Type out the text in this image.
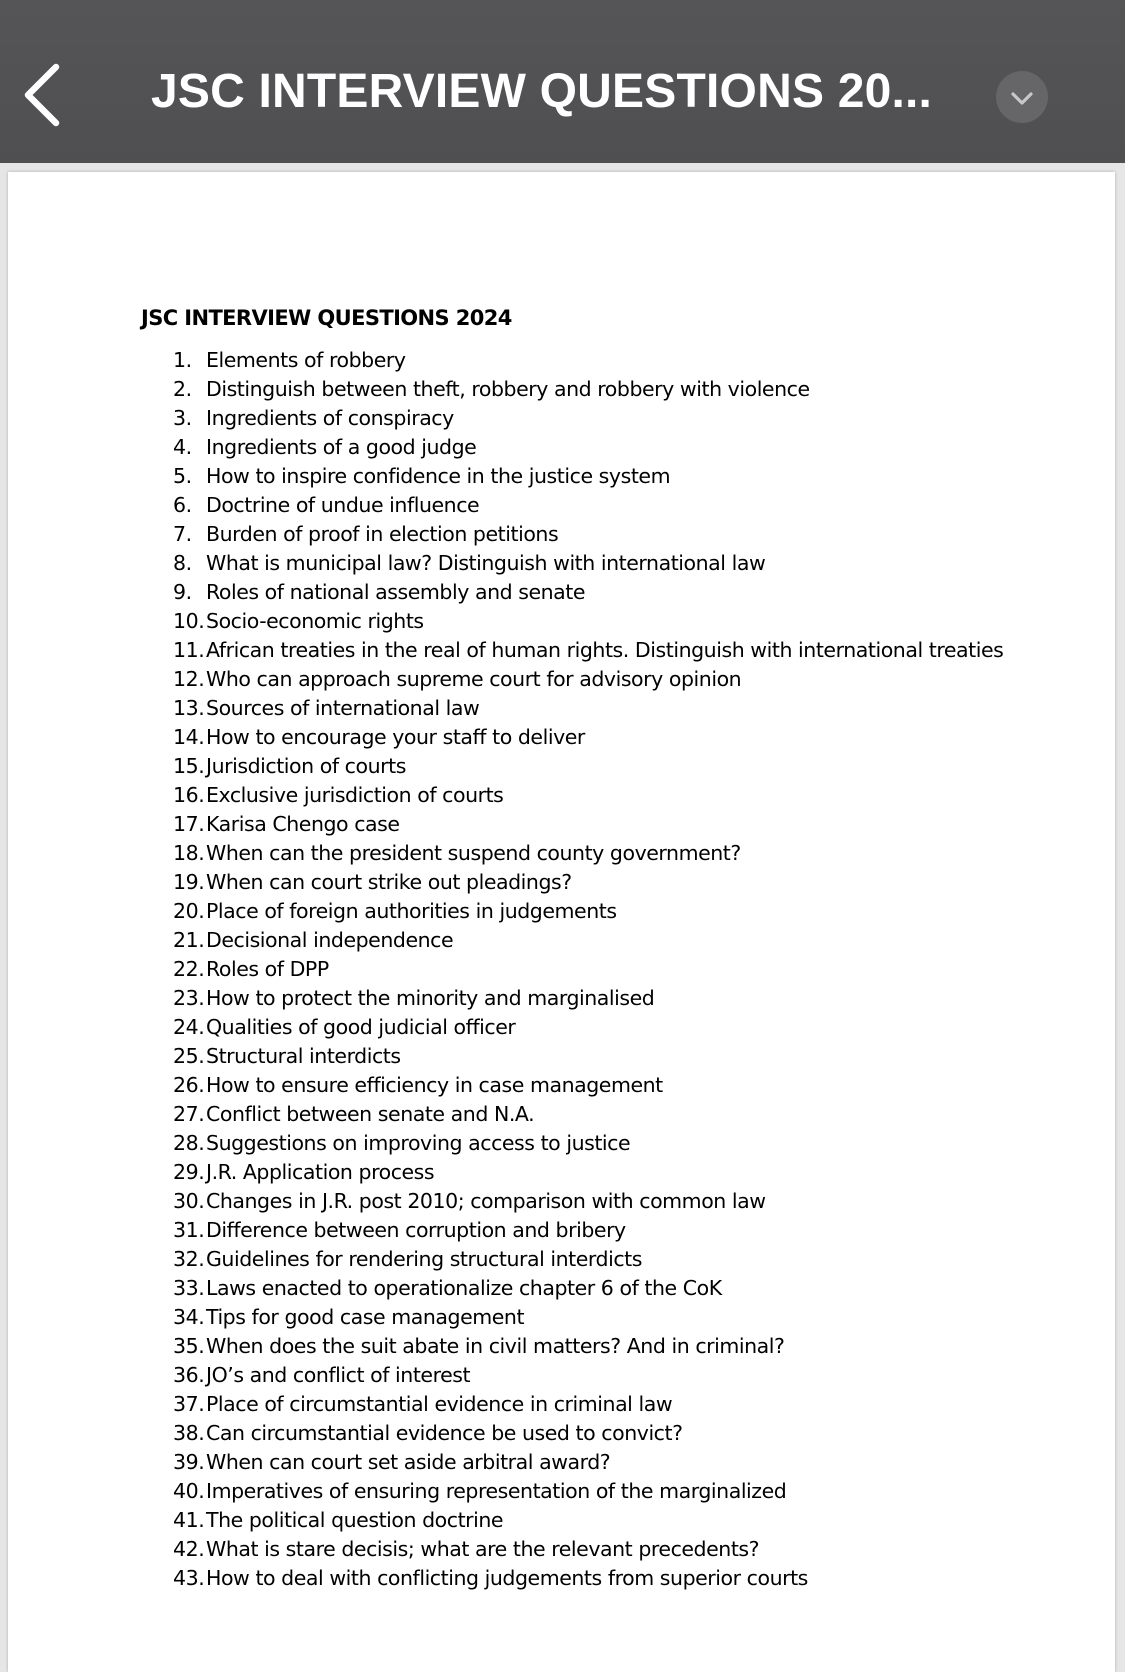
JSC INTERVIEW QUESTIONS 20...
JSC INTERVIEW QUESTIONS 2024
1. Elements of robbery
2. Distinguish between theft, robbery and robbery with violence
3. Ingredients of conspiracy
4. Ingredients of a good judge
5. How to inspire confidence in the justice system
6. Doctrine of undue influence
7. Burden of proof in election petitions
8. What is municipal law? Distinguish with international law
9. Roles of national assembly and senate
10.Socio-economic rights
11.African treaties in the real of human rights. Distinguish with international treaties
12.Who can approach supreme court for advisory opinion
13.Sources of international law
14.How to encourage your staff to deliver
15.Jurisdiction of courts
16.Exclusive jurisdiction of courts
17.Karisa Chengo case
18.When can the president suspend county government?
19.When can court strike out pleadings?
20.Place of foreign authorities in judgements
21.Decisional independence
22.Roles of DPP
23.How to protect the minority and marginalised
24.Qualities of good judicial officer
25.Structural interdicts
26.How to ensure efficiency in case management
27.Conflict between senate and N.A.
28.Suggestions on improving access to justice
29.J.R. Application process
30.Changes in J.R. post 2010; comparison with common law
31.Difference between corruption and bribery
32.Guidelines for rendering structural interdicts
33.Laws enacted to operationalize chapter 6 of the CoK
34.Tips for good case management
35.When does the suit abate in civil matters? And in criminal?
36.JO’s and conflict of interest
37.Place of circumstantial evidence in criminal law
38.Can circumstantial evidence be used to convict?
39.When can court set aside arbitral award?
40.Imperatives of ensuring representation of the marginalized
41.The political question doctrine
42.What is stare decisis; what are the relevant precedents?
43.How to deal with conflicting judgements from superior courts
